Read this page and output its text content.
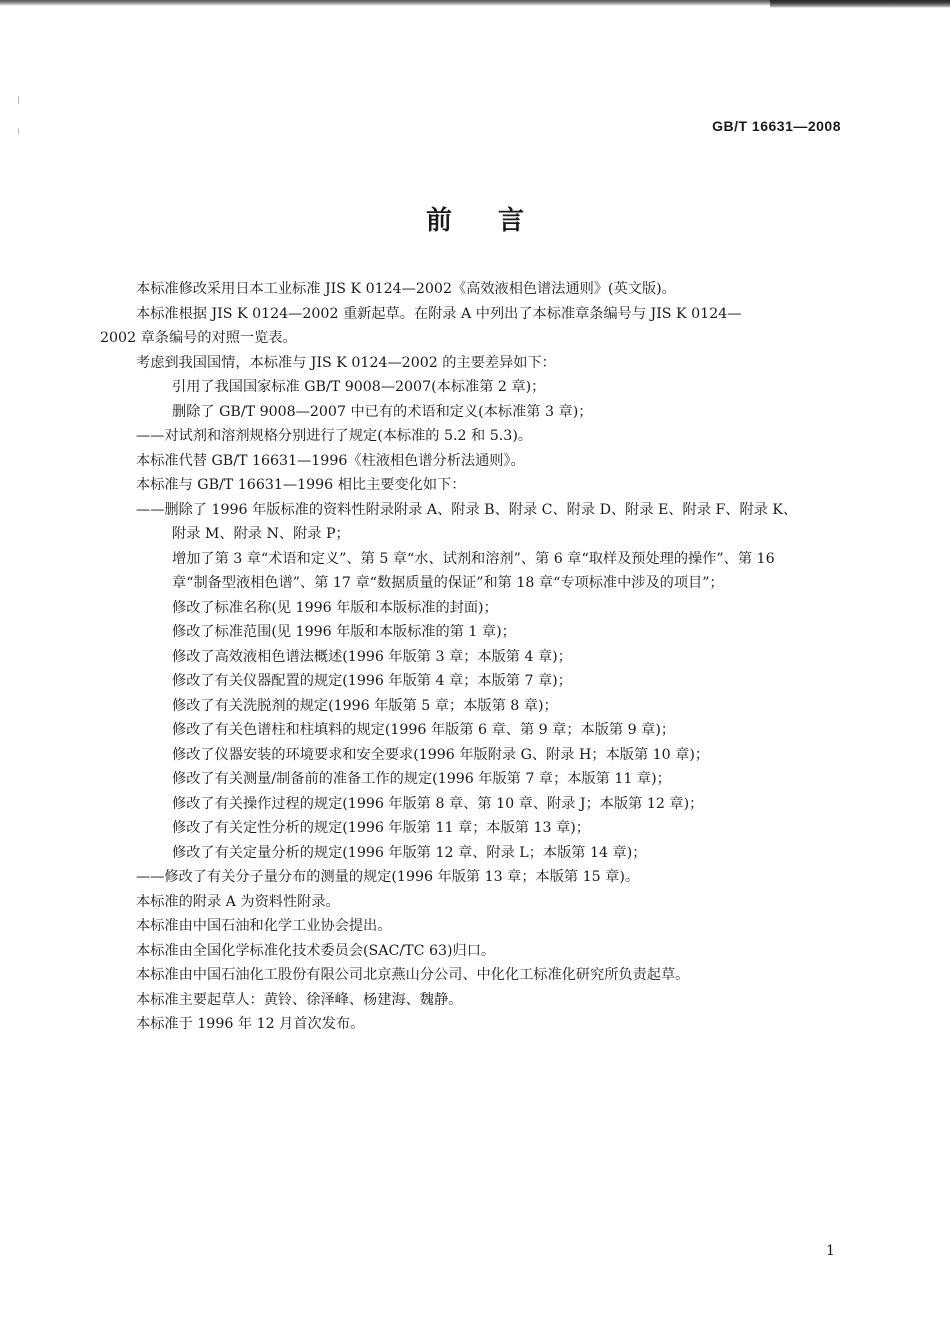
GB/T 16631—2008
前言

本标准修改采用日本工业标准 JIS K 0124—2002《高效液相色谱法通则》(英文版)。

本标准根据 JIS K 0124—2002 重新起草。在附录 A 中列出了本标准章条编号与 JIS K 0124—

2002 章条编号的对照一览表。

考虑到我国国情，本标准与 JIS K 0124—2002 的主要差异如下：

引用了我国国家标准 GB/T 9008—2007(本标准第 2 章)；

删除了 GB/T 9008—2007 中已有的术语和定义(本标准第 3 章)；

——对试剂和溶剂规格分别进行了规定(本标准的 5.2 和 5.3)。

本标准代替 GB/T 16631—1996《柱液相色谱分析法通则》。

本标准与 GB/T 16631—1996 相比主要变化如下：

——删除了 1996 年版标准的资料性附录附录 A、附录 B、附录 C、附录 D、附录 E、附录 F、附录 K、

附录 M、附录 N、附录 P；

增加了第 3 章“术语和定义”、第 5 章“水、试剂和溶剂”、第 6 章“取样及预处理的操作”、第 16

章“制备型液相色谱”、第 17 章“数据质量的保证”和第 18 章“专项标准中涉及的项目”；

修改了标准名称(见 1996 年版和本版标准的封面)；

修改了标准范围(见 1996 年版和本版标准的第 1 章)；

修改了高效液相色谱法概述(1996 年版第 3 章；本版第 4 章)；

修改了有关仪器配置的规定(1996 年版第 4 章；本版第 7 章)；

修改了有关洗脱剂的规定(1996 年版第 5 章；本版第 8 章)；

修改了有关色谱柱和柱填料的规定(1996 年版第 6 章、第 9 章；本版第 9 章)；

修改了仪器安装的环境要求和安全要求(1996 年版附录 G、附录 H；本版第 10 章)；

修改了有关测量/制备前的准备工作的规定(1996 年版第 7 章；本版第 11 章)；

修改了有关操作过程的规定(1996 年版第 8 章、第 10 章、附录 J；本版第 12 章)；

修改了有关定性分析的规定(1996 年版第 11 章；本版第 13 章)；

修改了有关定量分析的规定(1996 年版第 12 章、附录 L；本版第 14 章)；

——修改了有关分子量分布的测量的规定(1996 年版第 13 章；本版第 15 章)。

本标准的附录 A 为资料性附录。

本标准由中国石油和化学工业协会提出。

本标准由全国化学标准化技术委员会(SAC/TC 63)归口。

本标准由中国石油化工股份有限公司北京燕山分公司、中化化工标准化研究所负责起草。

本标准主要起草人：黄铃、徐泽峰、杨建海、魏静。

本标准于 1996 年 12 月首次发布。

1
